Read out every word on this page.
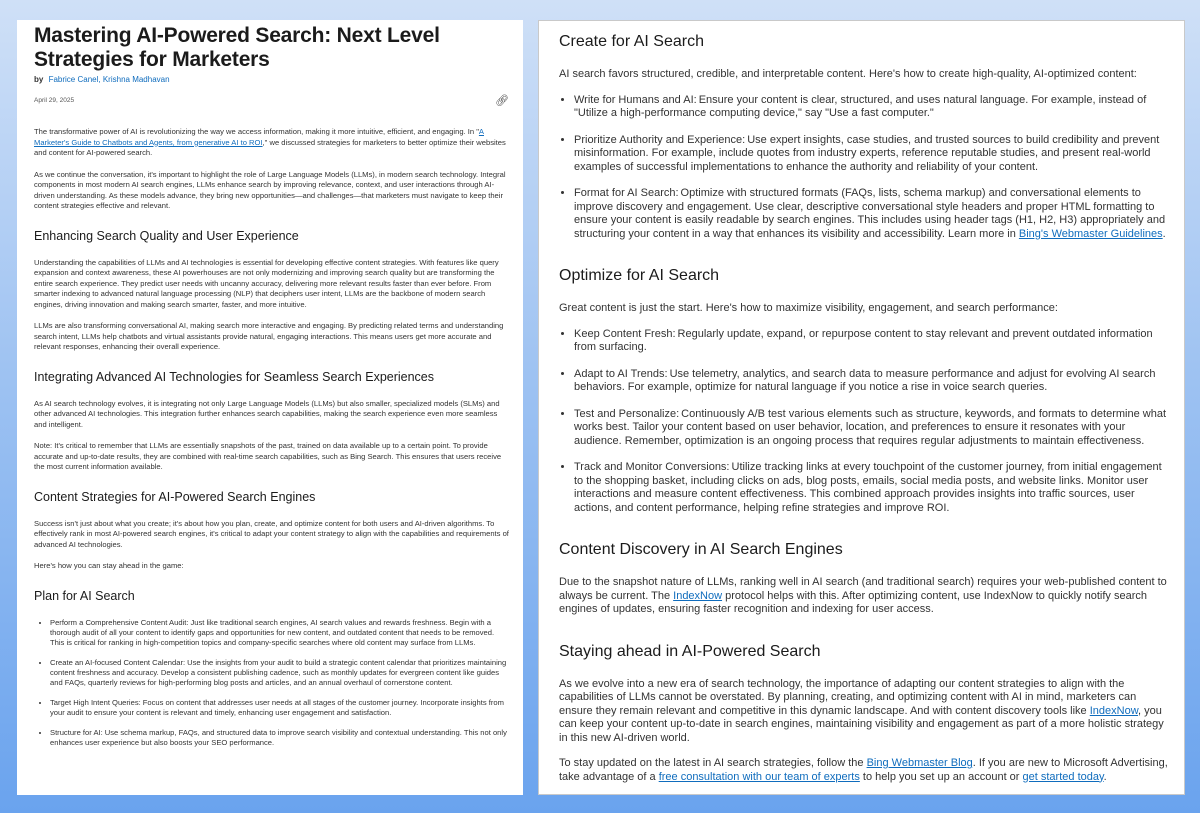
Mastering AI-Powered Search: Next Level Strategies for Marketers
by Fabrice Canel, Krishna Madhavan
April 29, 2025	🔗︎

The transformative power of AI is revolutionizing the way we access information, making it more intuitive, efficient, and engaging. In "A Marketer's Guide to Chatbots and Agents, from generative AI to ROI," we discussed strategies for marketers to better optimize their websites and content for AI-powered search.

As we continue the conversation, it's important to highlight the role of Large Language Models (LLMs), in modern search technology. Integral components in most modern AI search engines, LLMs enhance search by improving relevance, context, and user interactions through AI-driven understanding. As these models advance, they bring new opportunities—and challenges—that marketers must navigate to keep their content strategies effective and relevant.

Enhancing Search Quality and User Experience

Understanding the capabilities of LLMs and AI technologies is essential for developing effective content strategies. With features like query expansion and context awareness, these AI powerhouses are not only modernizing and improving search quality but are transforming the entire search experience. They predict user needs with uncanny accuracy, delivering more relevant results faster than ever before. From smarter indexing to advanced natural language processing (NLP) that deciphers user intent, LLMs are the backbone of modern search engines, driving innovation and making search smarter, faster, and more intuitive.

LLMs are also transforming conversational AI, making search more interactive and engaging. By predicting related terms and understanding search intent, LLMs help chatbots and virtual assistants provide natural, engaging interactions. This means users get more accurate and relevant responses, enhancing their overall experience.

Integrating Advanced AI Technologies for Seamless Search Experiences

As AI search technology evolves, it is integrating not only Large Language Models (LLMs) but also smaller, specialized models (SLMs) and other advanced AI technologies. This integration further enhances search capabilities, making the search experience even more seamless and intelligent.

Note: It's critical to remember that LLMs are essentially snapshots of the past, trained on data available up to a certain point. To provide accurate and up-to-date results, they are combined with real-time search capabilities, such as Bing Search. This ensures that users receive the most current information available.

Content Strategies for AI-Powered Search Engines

Success isn't just about what you create; it's about how you plan, create, and optimize content for both users and AI-driven algorithms. To effectively rank in most AI-powered search engines, it's critical to adapt your content strategy to align with the capabilities and requirements of advanced AI technologies.

Here's how you can stay ahead in the game:

Plan for AI Search
• Perform a Comprehensive Content Audit: Just like traditional search engines, AI search values and rewards freshness. Begin with a thorough audit of all your content to identify gaps and opportunities for new content, and outdated content that needs to be removed. This is critical for ranking in high-competition topics and company-specific searches where old content may surface from LLMs.
• Create an AI-focused Content Calendar: Use the insights from your audit to build a strategic content calendar that prioritizes maintaining content freshness and accuracy. Develop a consistent publishing cadence, such as monthly updates for evergreen content like guides and FAQs, quarterly reviews for high-performing blog posts and articles, and an annual overhaul of cornerstone content.
• Target High Intent Queries: Focus on content that addresses user needs at all stages of the customer journey. Incorporate insights from your audit to ensure your content is relevant and timely, enhancing user engagement and satisfaction.
• Structure for AI: Use schema markup, FAQs, and structured data to improve search visibility and contextual understanding. This not only enhances user experience but also boosts your SEO performance.
Create for AI Search

AI search favors structured, credible, and interpretable content. Here's how to create high-quality, AI-optimized content:

• Write for Humans and AI: Ensure your content is clear, structured, and uses natural language. For example, instead of "Utilize a high-performance computing device," say "Use a fast computer."
• Prioritize Authority and Experience: Use expert insights, case studies, and trusted sources to build credibility and prevent misinformation. For example, include quotes from industry experts, reference reputable studies, and present real-world examples of successful implementations to enhance the authority and reliability of your content.
• Format for AI Search: Optimize with structured formats (FAQs, lists, schema markup) and conversational elements to improve discovery and engagement. Use clear, descriptive conversational style headers and proper HTML formatting to ensure your content is easily readable by search engines. This includes using header tags (H1, H2, H3) appropriately and structuring your content in a way that enhances its visibility and accessibility. Learn more in Bing's Webmaster Guidelines.
Optimize for AI Search

Great content is just the start. Here's how to maximize visibility, engagement, and search performance:

• Keep Content Fresh: Regularly update, expand, or repurpose content to stay relevant and prevent outdated information from surfacing.
• Adapt to AI Trends: Use telemetry, analytics, and search data to measure performance and adjust for evolving AI search behaviors. For example, optimize for natural language if you notice a rise in voice search queries.
• Test and Personalize: Continuously A/B test various elements such as structure, keywords, and formats to determine what works best. Tailor your content based on user behavior, location, and preferences to ensure it resonates with your audience. Remember, optimization is an ongoing process that requires regular adjustments to maintain effectiveness.
• Track and Monitor Conversions: Utilize tracking links at every touchpoint of the customer journey, from initial engagement to the shopping basket, including clicks on ads, blog posts, emails, social media posts, and website links. Monitor user interactions and measure content effectiveness. This combined approach provides insights into traffic sources, user actions, and content performance, helping refine strategies and improve ROI.
Content Discovery in AI Search Engines

Due to the snapshot nature of LLMs, ranking well in AI search (and traditional search) requires your web-published content to always be current. The IndexNow protocol helps with this. After optimizing content, use IndexNow to quickly notify search engines of updates, ensuring faster recognition and indexing for user access.

Staying ahead in AI-Powered Search

As we evolve into a new era of search technology, the importance of adapting our content strategies to align with the capabilities of LLMs cannot be overstated. By planning, creating, and optimizing content with AI in mind, marketers can ensure they remain relevant and competitive in this dynamic landscape. And with content discovery tools like IndexNow, you can keep your content up-to-date in search engines, maintaining visibility and engagement as part of a more holistic strategy in this new AI-driven world.

To stay updated on the latest in AI search strategies, follow the Bing Webmaster Blog. If you are new to Microsoft Advertising, take advantage of a free consultation with our team of experts to help you set up an account or get started today.
